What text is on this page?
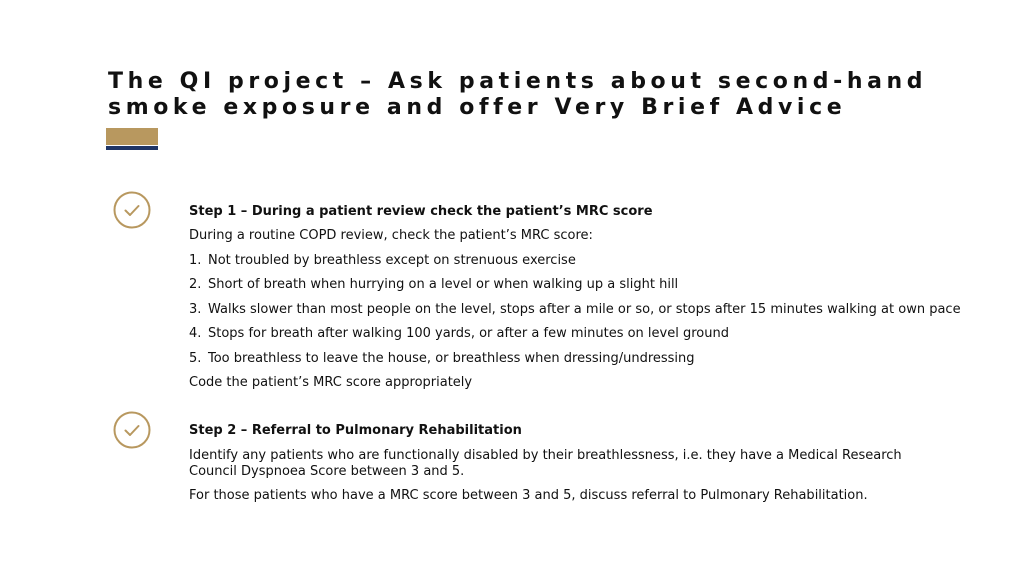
The QI project – Ask patients about second-hand smoke exposure and offer Very Brief Advice

Step 1 – During a patient review check the patient’s MRC score

During a routine COPD review, check the patient’s MRC score:

1. Not troubled by breathless except on strenuous exercise
2. Short of breath when hurrying on a level or when walking up a slight hill
3. Walks slower than most people on the level, stops after a mile or so, or stops after 15 minutes walking at own pace
4. Stops for breath after walking 100 yards, or after a few minutes on level ground
5. Too breathless to leave the house, or breathless when dressing/undressing

Code the patient’s MRC score appropriately

Step 2 – Referral to Pulmonary Rehabilitation

Identify any patients who are functionally disabled by their breathlessness, i.e. they have a Medical Research Council Dyspnoea Score between 3 and 5.

For those patients who have a MRC score between 3 and 5, discuss referral to Pulmonary Rehabilitation.
